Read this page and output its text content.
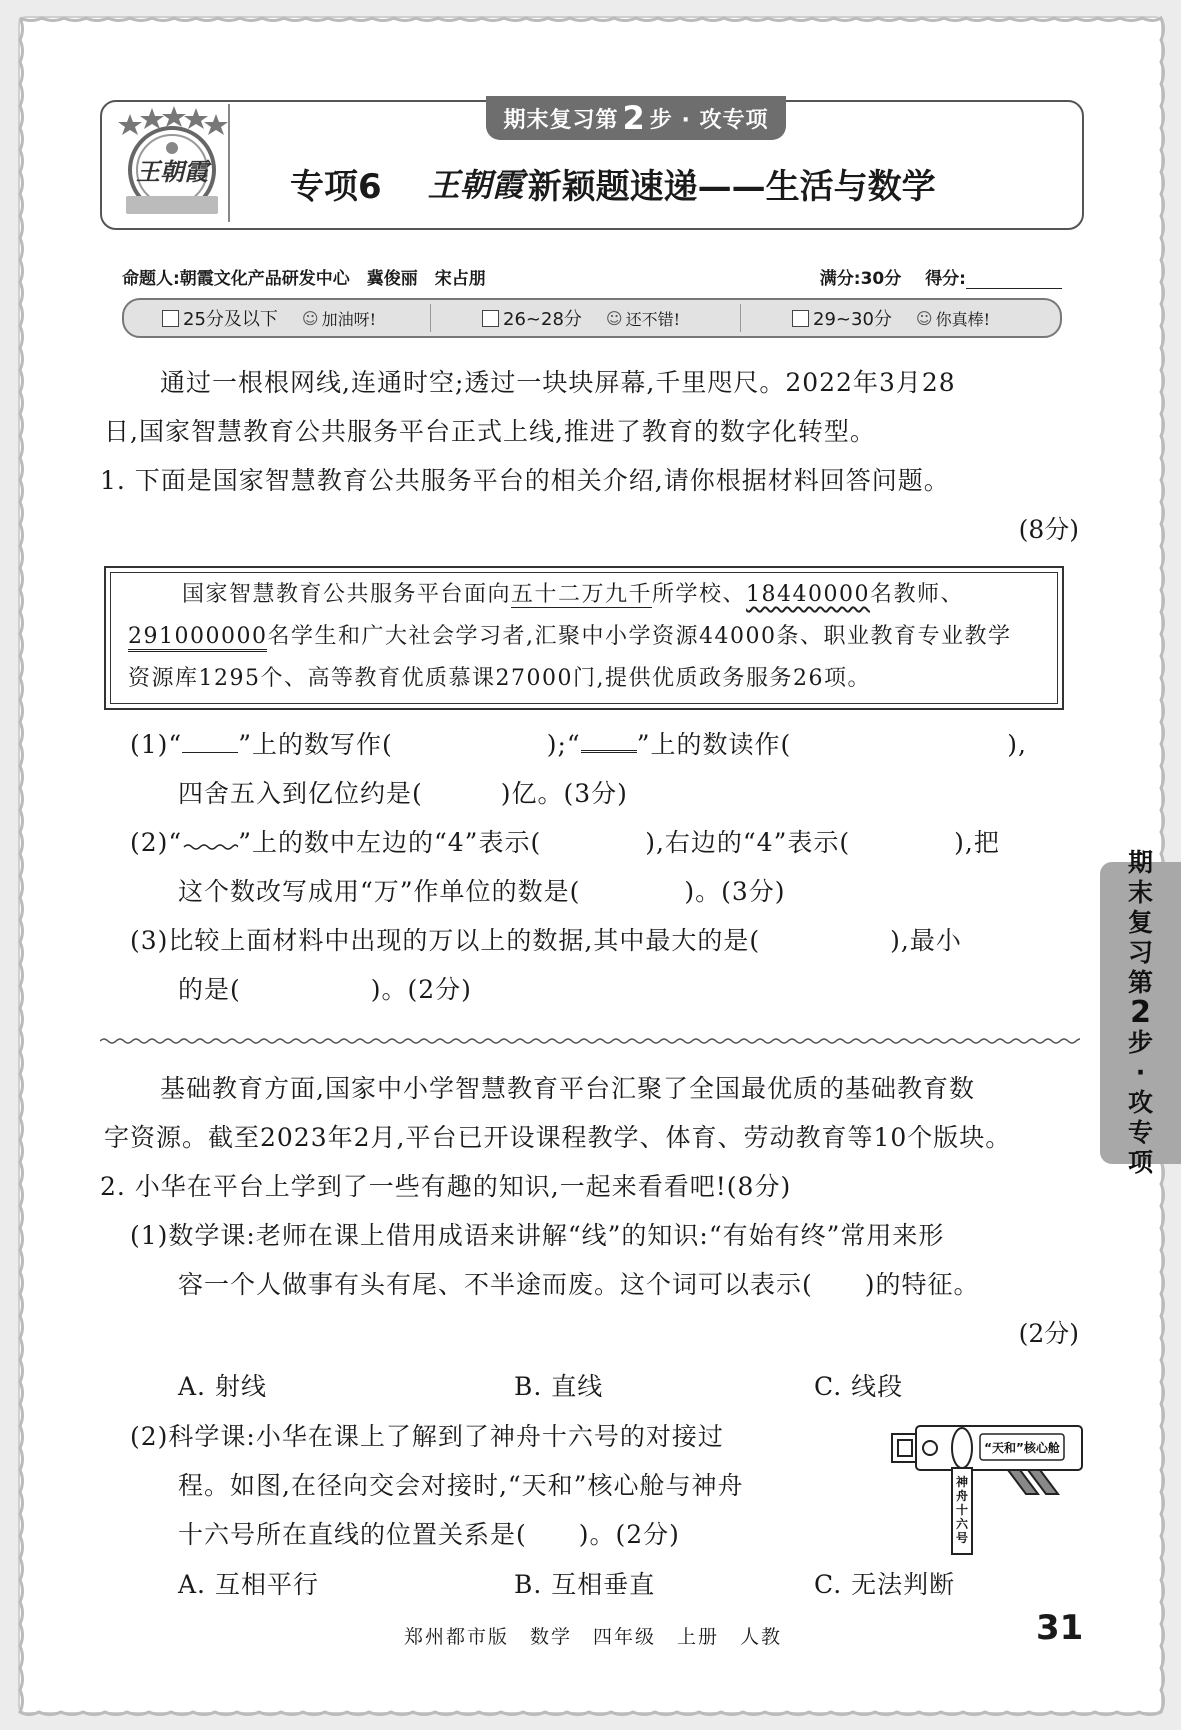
期末复习第 2 步 · 攻专项
王朝霞 专项6 王朝霞 新颖题速递——生活与数学
命题人:朝霞文化产品研发中心　冀俊丽　宋占朋	满分:30分 得分:
25分及以下 ☺ 加油呀!	26~28分 ☺ 还不错!	29~30分 ☺ 你真棒!
通过一根根网线,连通时空;透过一块块屏幕,千里咫尺。2022年3月28
日,国家智慧教育公共服务平台正式上线,推进了教育的数字化转型。
1. 下面是国家智慧教育公共服务平台的相关介绍,请你根据材料回答问题。
(8分)
国家智慧教育公共服务平台面向五十二万九千所学校、18440000名教师、
291000000名学生和广大社会学习者,汇聚中小学资源44000条、职业教育专业教学
资源库1295个、高等教育优质慕课27000门,提供优质政务服务26项。
(1)“ ”上的数写作(	);“ ”上的数读作(	),
四舍五入到亿位约是(　　　)亿。(3分)
(2)“ ”上的数中左边的“4”表示(　　　　),右边的“4”表示(　　　　),把
这个数改写成用“万”作单位的数是(　　　　)。(3分)
(3)比较上面材料中出现的万以上的数据,其中最大的是(　　　　　),最小
的是(　　　　　)。(2分)
基础教育方面,国家中小学智慧教育平台汇聚了全国最优质的基础教育数
字资源。截至2023年2月,平台已开设课程教学、体育、劳动教育等10个版块。
2. 小华在平台上学到了一些有趣的知识,一起来看看吧!(8分)
(1)数学课:老师在课上借用成语来讲解“线”的知识:“有始有终”常用来形
容一个人做事有头有尾、不半途而废。这个词可以表示(　　)的特征。
(2分)
A. 射线	B. 直线	C. 线段
(2)科学课:小华在课上了解到了神舟十六号的对接过
程。如图,在径向交会对接时,“天和”核心舱与神舟
十六号所在直线的位置关系是(　　)。(2分)
A. 互相平行	B. 互相垂直	C. 无法判断
“天和”核心舱
神舟十六号
期
末
复
习
第
2
步
·
攻
专
项
郑州都市版　数学　四年级　上册　人教	31
